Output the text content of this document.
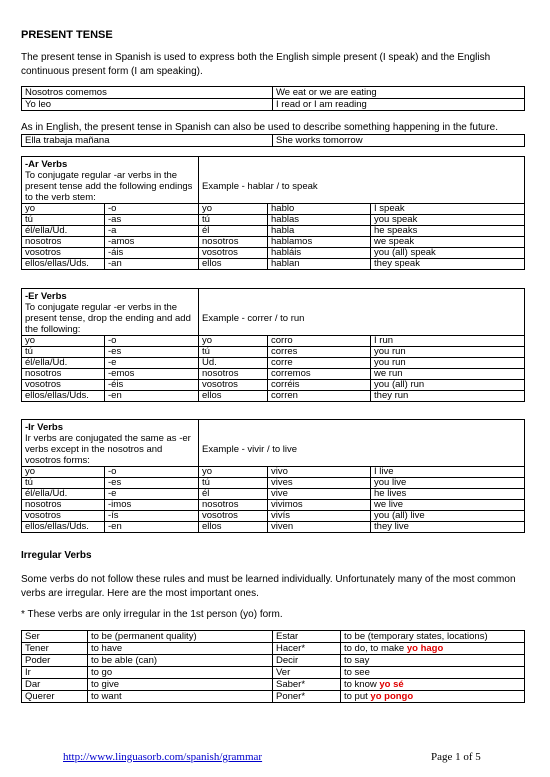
PRESENT TENSE
The present tense in Spanish is used to express both the English simple present (I speak) and the English continuous present form (I am speaking).
Nosotros comemos	We eat or we are eating
Yo leo	I read or I am reading
As in English, the present tense in Spanish can also be used to describe something happening in the future.
Ella trabaja mañana	She works tomorrow
-Ar Verbs
To conjugate regular -ar verbs in the present tense add the following endings to the verb stem:		Example - hablar / to speak		
yo	-o	yo	hablo	I speak
tú	-as	tú	hablas	you speak
él/ella/Ud.	-a	él	habla	he speaks
nosotros	-amos	nosotros	hablamos	we speak
vosotros	-áis	vosotros	habláis	you (all) speak
ellos/ellas/Uds.	-an	ellos	hablan	they speak
-Er Verbs
To conjugate regular -er verbs in the present tense, drop the ending and add the following:		Example - correr / to run		
yo	-o	yo	corro	I run
tú	-es	tú	corres	you run
él/ella/Ud.	-e	Ud.	corre	you run
nosotros	-emos	nosotros	corremos	we run
vosotros	-éis	vosotros	corréis	you (all) run
ellos/ellas/Uds.	-en	ellos	corren	they run
-Ir Verbs
Ir verbs are conjugated the same as -er verbs except in the nosotros and vosotros forms:		Example - vivir / to live		
yo	-o	yo	vivo	I live
tú	-es	tú	vives	you live
él/ella/Ud.	-e	él	vive	he lives
nosotros	-imos	nosotros	vivimos	we live
vosotros	-ís	vosotros	vivís	you (all) live
ellos/ellas/Uds.	-en	ellos	viven	they live
Irregular Verbs
Some verbs do not follow these rules and must be learned individually. Unfortunately many of the most common verbs are irregular. Here are the most important ones.
* These verbs are only irregular in the 1st person (yo) form.
Ser	to be (permanent quality)	Estar	to be (temporary states, locations)
Tener	to have	Hacer*	to do, to make yo hago
Poder	to be able (can)	Decir	to say
Ir	to go	Ver	to see
Dar	to give	Saber*	to know yo sé
Querer	to want	Poner*	to put yo pongo
http://www.linguasorb.com/spanish/grammar	Page 1 of 5
